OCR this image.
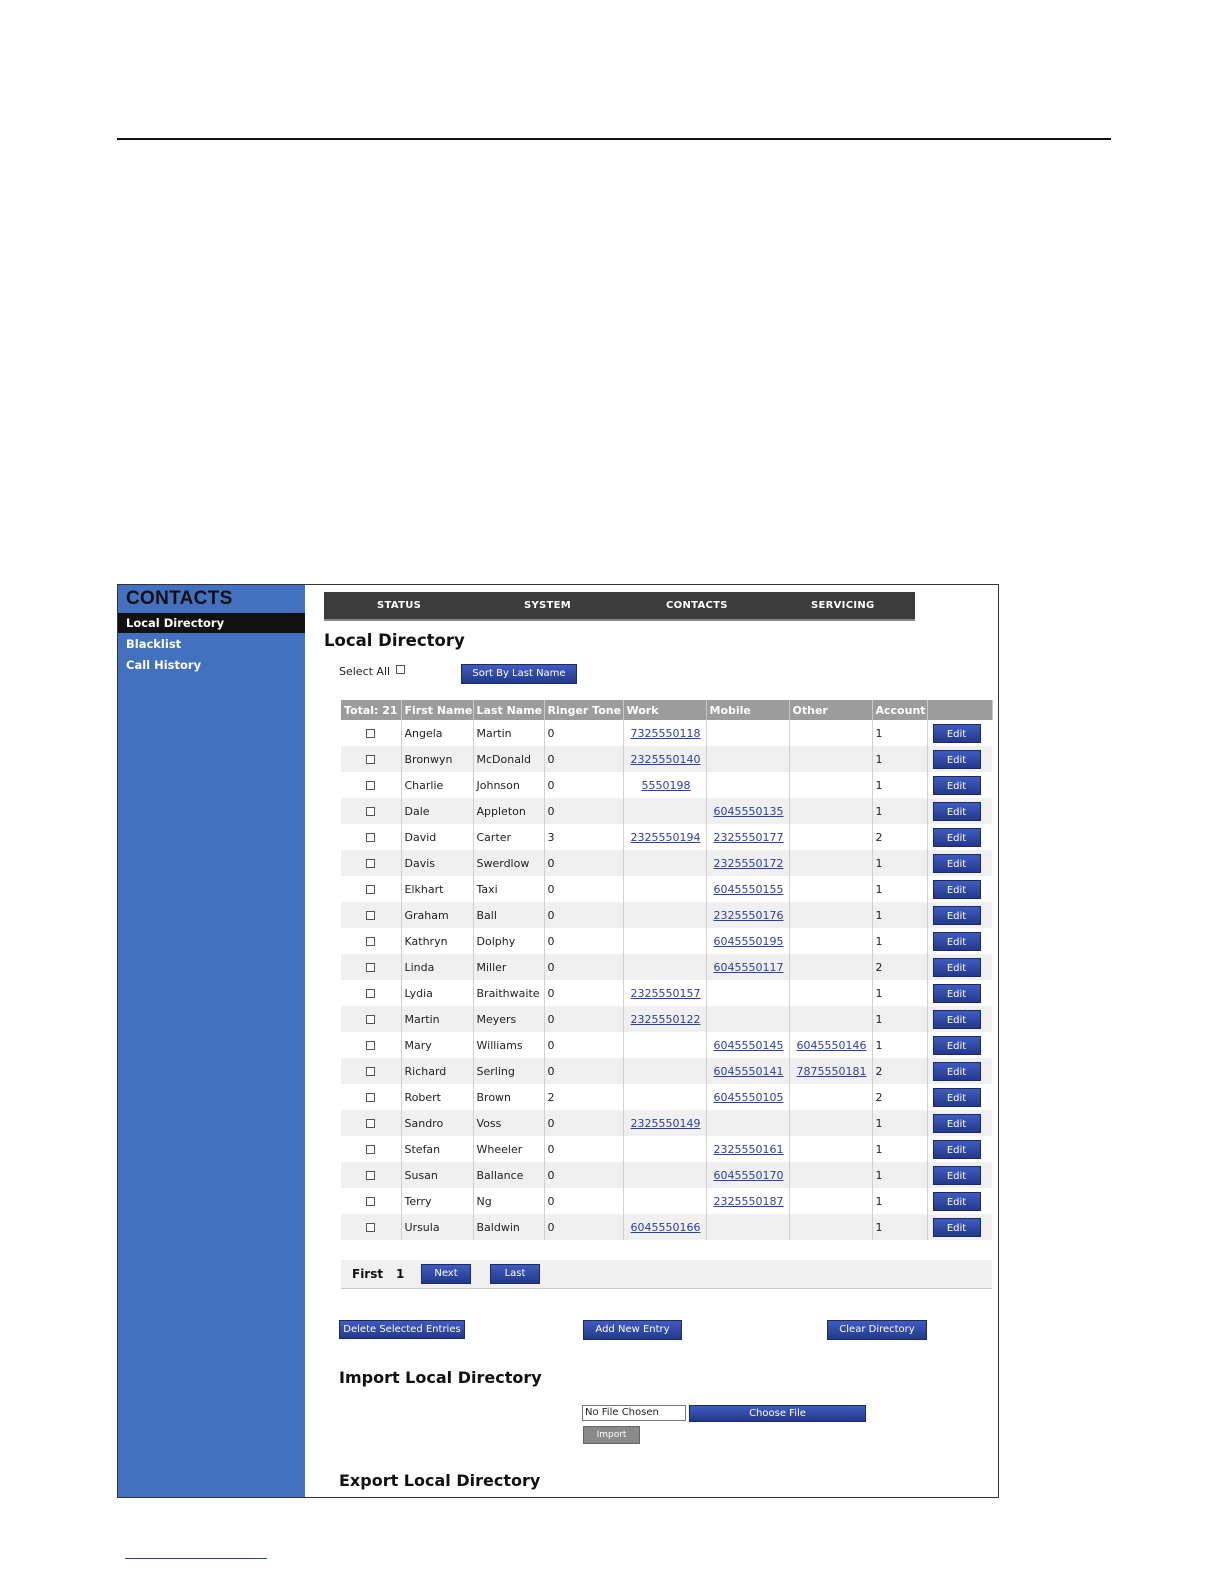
CONTACTS
Local Directory
Blacklist
Call History
STATUS	SYSTEM	CONTACTS	SERVICING
Local Directory
Select All	Sort By Last Name
Total: 21	First Name	Last Name	Ringer Tone	Work	Mobile	Other	Account	
	Angela	Martin	0	7325550118			1	Edit
	Bronwyn	McDonald	0	2325550140			1	Edit
	Charlie	Johnson	0	5550198			1	Edit
	Dale	Appleton	0		6045550135		1	Edit
	David	Carter	3	2325550194	2325550177		2	Edit
	Davis	Swerdlow	0		2325550172		1	Edit
	Elkhart	Taxi	0		6045550155		1	Edit
	Graham	Ball	0		2325550176		1	Edit
	Kathryn	Dolphy	0		6045550195		1	Edit
	Linda	Miller	0		6045550117		2	Edit
	Lydia	Braithwaite	0	2325550157			1	Edit
	Martin	Meyers	0	2325550122			1	Edit
	Mary	Williams	0		6045550145	6045550146	1	Edit
	Richard	Serling	0		6045550141	7875550181	2	Edit
	Robert	Brown	2		6045550105		2	Edit
	Sandro	Voss	0	2325550149			1	Edit
	Stefan	Wheeler	0		2325550161		1	Edit
	Susan	Ballance	0		6045550170		1	Edit
	Terry	Ng	0		2325550187		1	Edit
	Ursula	Baldwin	0	6045550166			1	Edit
First 1	Next	Last
Delete Selected Entries	Add New Entry	Clear Directory
Import Local Directory
No File Chosen	Choose File
Import
Export Local Directory
